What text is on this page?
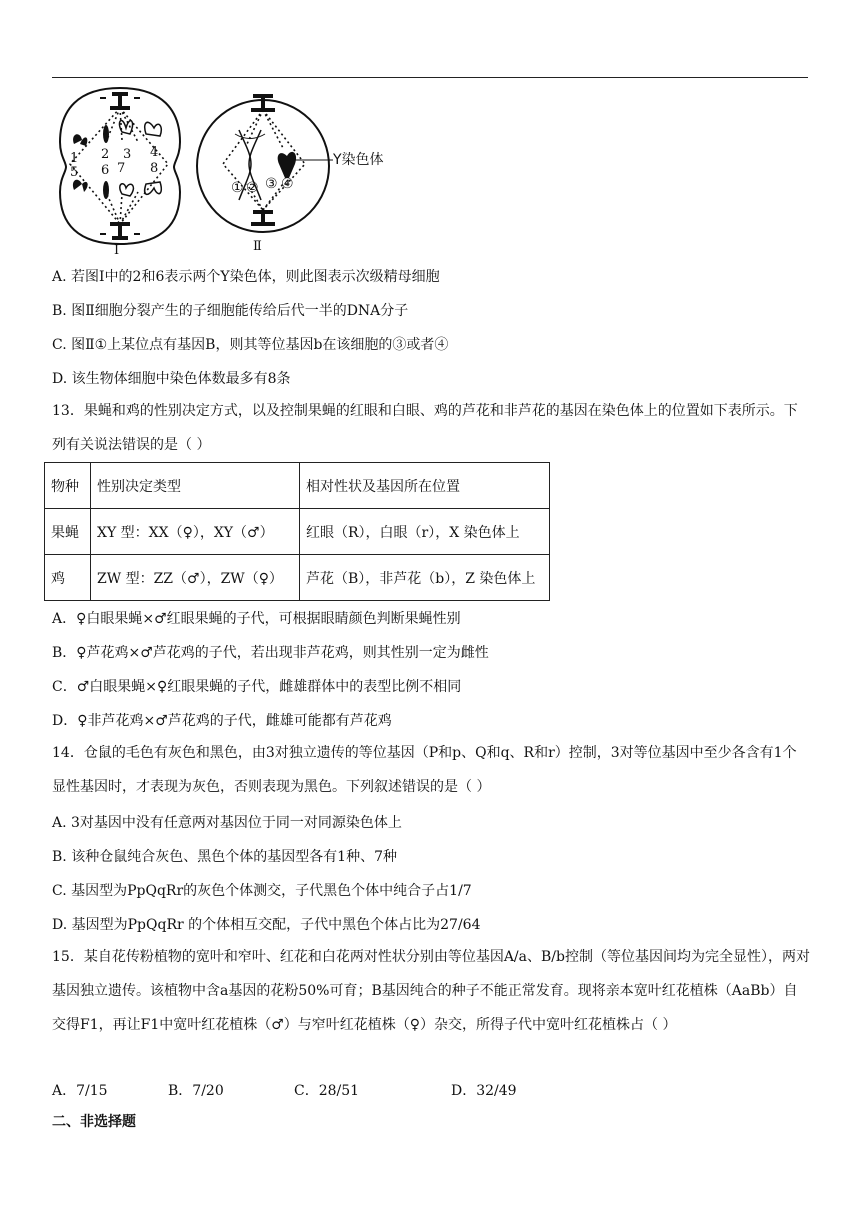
1
5
2
6
3
7
4
8
Ⅰ
① ② ③ ④
Y染色体
Ⅱ
A. 若图Ⅰ中的2和6表示两个Y染色体，则此图表示次级精母细胞
B. 图Ⅱ细胞分裂产生的子细胞能传给后代一半的DNA分子
C. 图Ⅱ①上某位点有基因B，则其等位基因b在该细胞的③或者④
D. 该生物体细胞中染色体数最多有8条
13．果蝇和鸡的性别决定方式，以及控制果蝇的红眼和白眼、鸡的芦花和非芦花的基因在染色体上的位置如下表所示。下列有关说法错误的是（ ）
物种	性别决定类型	相对性状及基因所在位置
果蝇	XY 型：XX（♀），XY（♂）	红眼（R），白眼（r），X 染色体上
鸡	ZW 型：ZZ（♂），ZW（♀）	芦花（B），非芦花（b），Z 染色体上
A．♀白眼果蝇×♂红眼果蝇的子代，可根据眼睛颜色判断果蝇性别
B．♀芦花鸡×♂芦花鸡的子代，若出现非芦花鸡，则其性别一定为雌性
C．♂白眼果蝇×♀红眼果蝇的子代，雌雄群体中的表型比例不相同
D．♀非芦花鸡×♂芦花鸡的子代，雌雄可能都有芦花鸡
14．仓鼠的毛色有灰色和黑色，由3对独立遗传的等位基因（P和p、Q和q、R和r）控制，3对等位基因中至少各含有1个显性基因时，才表现为灰色，否则表现为黑色。下列叙述错误的是（ ）
A. 3对基因中没有任意两对基因位于同一对同源染色体上
B. 该种仓鼠纯合灰色、黑色个体的基因型各有1种、7种
C. 基因型为PpQqRr的灰色个体测交，子代黑色个体中纯合子占1/7
D. 基因型为PpQqRr 的个体相互交配，子代中黑色个体占比为27/64
15．某自花传粉植物的宽叶和窄叶、红花和白花两对性状分别由等位基因A/a、B/b控制（等位基因间均为完全显性），两对基因独立遗传。该植物中含a基因的花粉50%可育；B基因纯合的种子不能正常发育。现将亲本宽叶红花植株（AaBb）自交得F1，再让F1中宽叶红花植株（♂）与窄叶红花植株（♀）杂交，所得子代中宽叶红花植株占（ ）
A．7/15	B．7/20	C．28/51	D．32/49
二、非选择题
